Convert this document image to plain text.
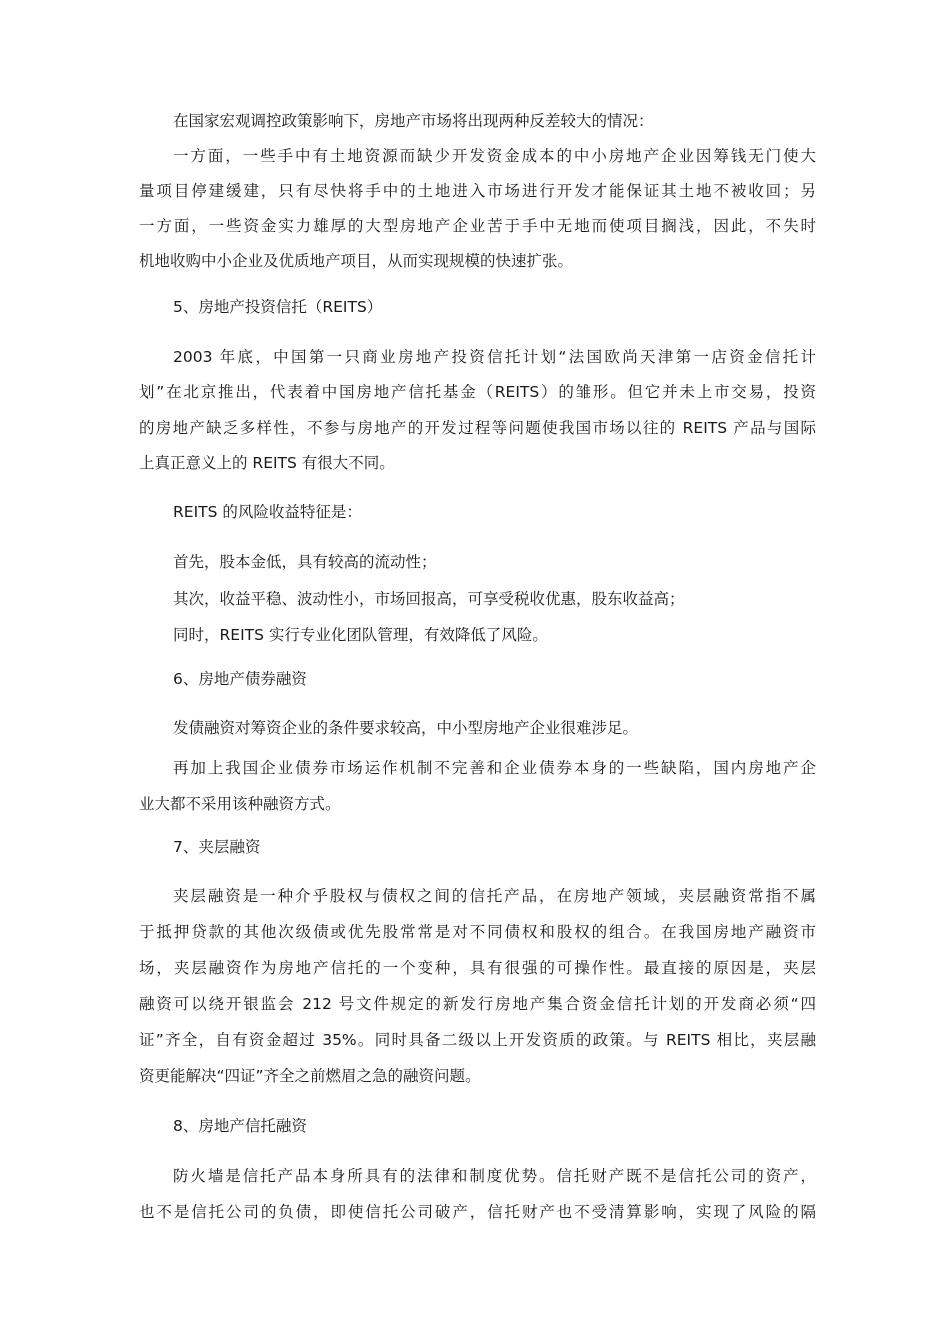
在国家宏观调控政策影响下，房地产市场将出现两种反差较大的情况：
一方面，一些手中有土地资源而缺少开发资金成本的中小房地产企业因筹钱无门使大
量项目停建缓建，只有尽快将手中的土地进入市场进行开发才能保证其土地不被收回；另
一方面，一些资金实力雄厚的大型房地产企业苦于手中无地而使项目搁浅，因此，不失时
机地收购中小企业及优质地产项目，从而实现规模的快速扩张。
5、房地产投资信托（REITS）
2003 年底，中国第一只商业房地产投资信托计划“法国欧尚天津第一店资金信托计
划”在北京推出，代表着中国房地产信托基金（REITS）的雏形。但它并未上市交易，投资
的房地产缺乏多样性，不参与房地产的开发过程等问题使我国市场以往的 REITS 产品与国际
上真正意义上的 REITS 有很大不同。
REITS 的风险收益特征是：
首先，股本金低，具有较高的流动性；
其次，收益平稳、波动性小，市场回报高，可享受税收优惠，股东收益高；
同时，REITS 实行专业化团队管理，有效降低了风险。
6、房地产债券融资
发债融资对筹资企业的条件要求较高，中小型房地产企业很难涉足。
再加上我国企业债券市场运作机制不完善和企业债券本身的一些缺陷，国内房地产企
业大都不采用该种融资方式。
7、夹层融资
夹层融资是一种介乎股权与债权之间的信托产品，在房地产领域，夹层融资常指不属
于抵押贷款的其他次级债或优先股常常是对不同债权和股权的组合。在我国房地产融资市
场，夹层融资作为房地产信托的一个变种，具有很强的可操作性。最直接的原因是，夹层
融资可以绕开银监会 212 号文件规定的新发行房地产集合资金信托计划的开发商必须“四
证”齐全，自有资金超过 35%。同时具备二级以上开发资质的政策。与 REITS 相比，夹层融
资更能解决“四证”齐全之前燃眉之急的融资问题。
8、房地产信托融资
防火墙是信托产品本身所具有的法律和制度优势。信托财产既不是信托公司的资产，
也不是信托公司的负债，即使信托公司破产，信托财产也不受清算影响，实现了风险的隔
